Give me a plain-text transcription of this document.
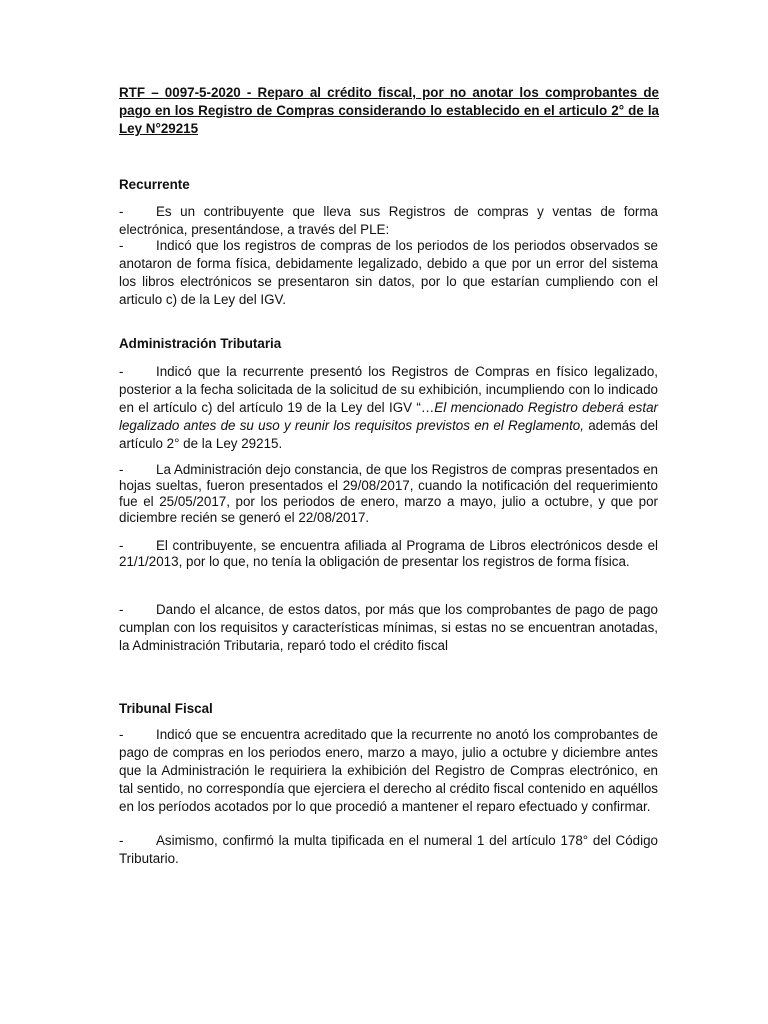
RTF – 0097-5-2020 - Reparo al crédito fiscal, por no anotar los comprobantes de pago en los Registro de Compras considerando lo establecido en el articulo 2° de la Ley N°29215

Recurrente

- Es un contribuyente que lleva sus Registros de compras y ventas de forma electrónica, presentándose, a través del PLE:

- Indicó que los registros de compras de los periodos de los periodos observados se anotaron de forma física, debidamente legalizado, debido a que por un error del sistema los libros electrónicos se presentaron sin datos, por lo que estarían cumpliendo con el articulo c) de la Ley del IGV.

Administración Tributaria

- Indicó que la recurrente presentó los Registros de Compras en físico legalizado, posterior a la fecha solicitada de la solicitud de su exhibición, incumpliendo con lo indicado en el artículo c) del artículo 19 de la Ley del IGV “…El mencionado Registro deberá estar legalizado antes de su uso y reunir los requisitos previstos en el Reglamento, además del artículo 2° de la Ley 29215.

- La Administración dejo constancia, de que los Registros de compras presentados en hojas sueltas, fueron presentados el 29/08/2017, cuando la notificación del requerimiento fue el 25/05/2017, por los periodos de enero, marzo a mayo, julio a octubre, y que por diciembre recién se generó el 22/08/2017.

- El contribuyente, se encuentra afiliada al Programa de Libros electrónicos desde el 21/1/2013, por lo que, no tenía la obligación de presentar los registros de forma física.

- Dando el alcance, de estos datos, por más que los comprobantes de pago de pago cumplan con los requisitos y características mínimas, si estas no se encuentran anotadas, la Administración Tributaria, reparó todo el crédito fiscal

Tribunal Fiscal

- Indicó que se encuentra acreditado que la recurrente no anotó los comprobantes de pago de compras en los periodos enero, marzo a mayo, julio a octubre y diciembre antes que la Administración le requiriera la exhibición del Registro de Compras electrónico, en tal sentido, no correspondía que ejerciera el derecho al crédito fiscal contenido en aquéllos en los períodos acotados por lo que procedió a mantener el reparo efectuado y confirmar.

- Asimismo, confirmó la multa tipificada en el numeral 1 del artículo 178° del Código Tributario.
